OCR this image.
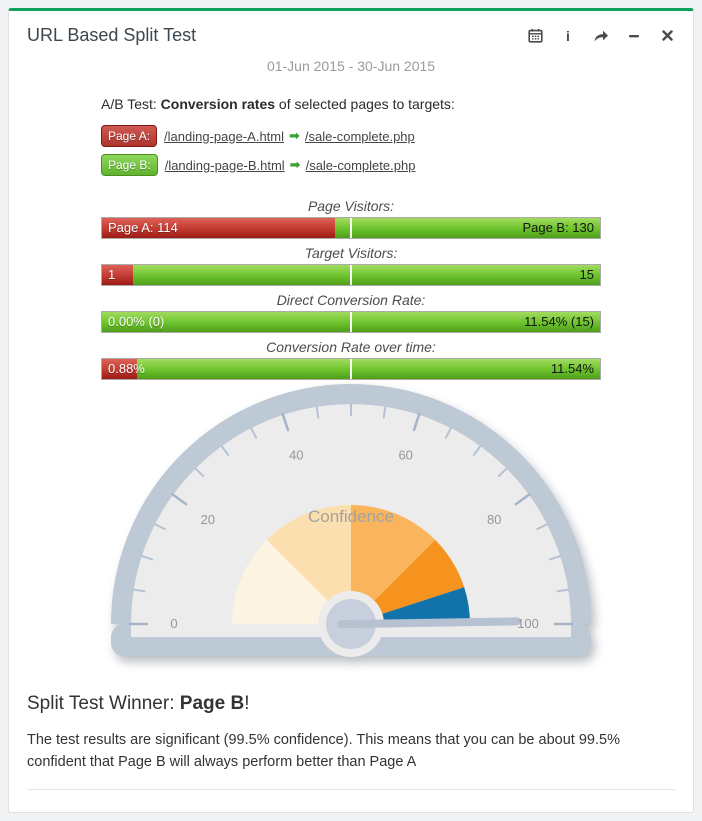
URL Based Split Test	i
01-Jun 2015 - 30-Jun 2015
A/B Test: Conversion rates of selected pages to targets:
Page A:	/landing-page-A.html ➡ /sale-complete.php
Page B:	/landing-page-B.html ➡ /sale-complete.php
Page Visitors:
Page A: 114	Page B: 130
Target Visitors:
1	15
Direct Conversion Rate:
0.00% (0)	11.54% (15)
Conversion Rate over time:
0.88%	11.54%
Confidence
0
20
40	60
80
100
Split Test Winner: Page B!
The test results are significant (99.5% confidence). This means that you can be about 99.5% confident that Page B will always perform better than Page A
